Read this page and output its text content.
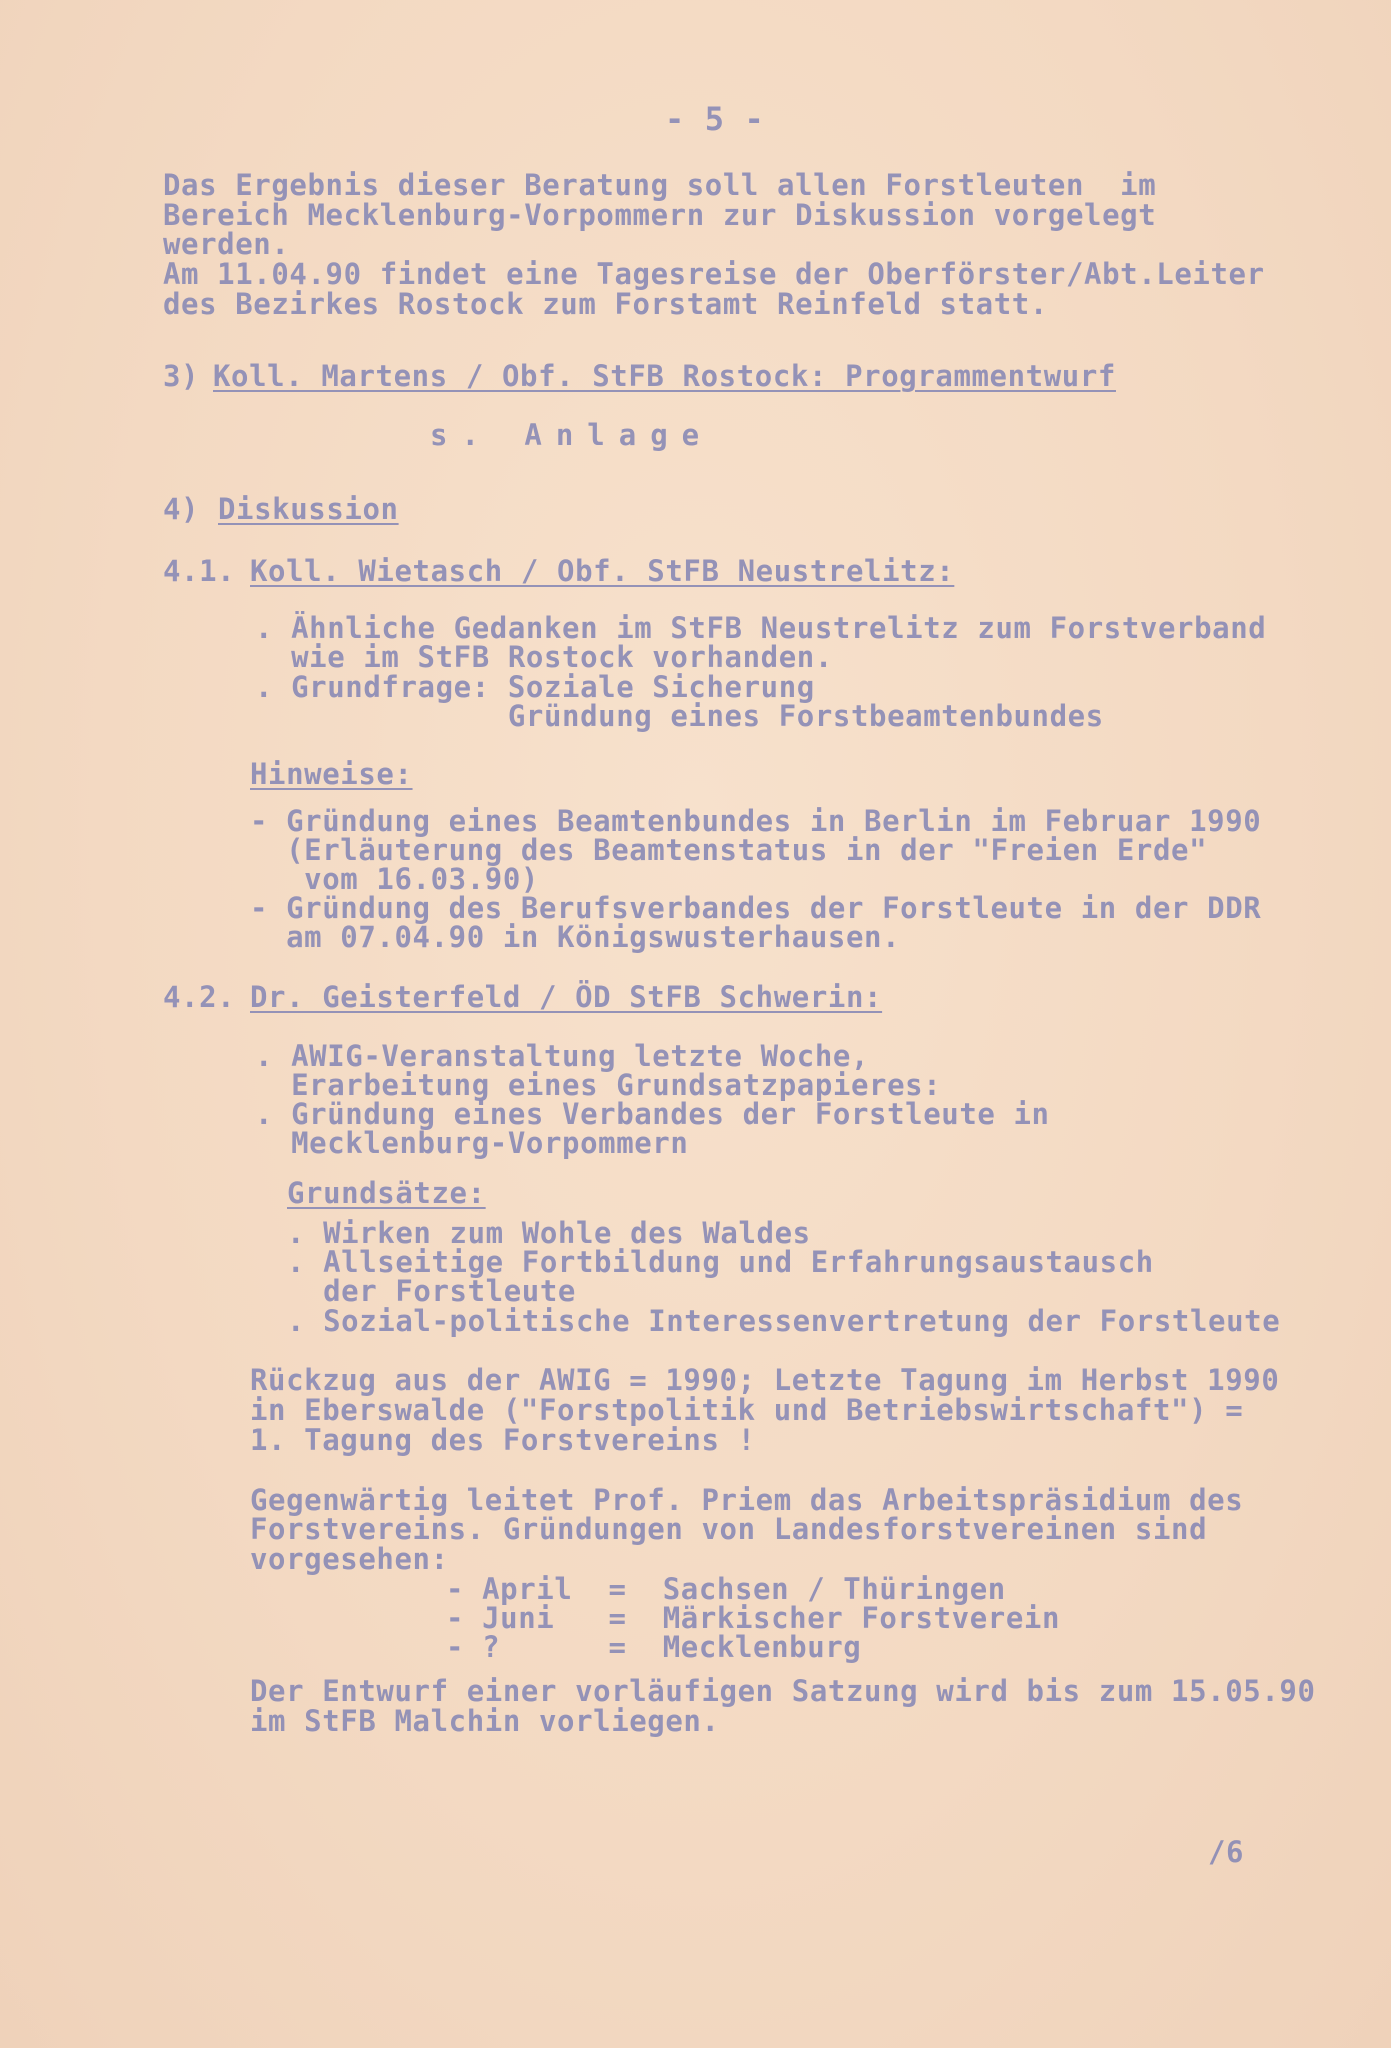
- 5 -
Das Ergebnis dieser Beratung soll allen Forstleuten  im
Bereich Mecklenburg-Vorpommern zur Diskussion vorgelegt
werden.
Am 11.04.90 findet eine Tagesreise der Oberförster/Abt.Leiter
des Bezirkes Rostock zum Forstamt Reinfeld statt.
3) Koll. Martens / Obf. StFB Rostock: Programmentwurf
s. Anlage
4) Diskussion
4.1. Koll. Wietasch / Obf. StFB Neustrelitz:
. Ähnliche Gedanken im StFB Neustrelitz zum Forstverband
wie im StFB Rostock vorhanden.
. Grundfrage: Soziale Sicherung
Gründung eines Forstbeamtenbundes
Hinweise:
- Gründung eines Beamtenbundes in Berlin im Februar 1990
(Erläuterung des Beamtenstatus in der "Freien Erde"
vom 16.03.90)
- Gründung des Berufsverbandes der Forstleute in der DDR
am 07.04.90 in Königswusterhausen.
4.2. Dr. Geisterfeld / ÖD StFB Schwerin:
. AWIG-Veranstaltung letzte Woche,
Erarbeitung eines Grundsatzpapieres:
. Gründung eines Verbandes der Forstleute in
Mecklenburg-Vorpommern
Grundsätze:
. Wirken zum Wohle des Waldes
. Allseitige Fortbildung und Erfahrungsaustausch
der Forstleute
. Sozial-politische Interessenvertretung der Forstleute
Rückzug aus der AWIG = 1990; Letzte Tagung im Herbst 1990
in Eberswalde ("Forstpolitik und Betriebswirtschaft") =
1. Tagung des Forstvereins !
Gegenwärtig leitet Prof. Priem das Arbeitspräsidium des
Forstvereins. Gründungen von Landesforstvereinen sind
vorgesehen:
- April  =  Sachsen / Thüringen
- Juni   =  Märkischer Forstverein
- ?      =  Mecklenburg
Der Entwurf einer vorläufigen Satzung wird bis zum 15.05.90
im StFB Malchin vorliegen.
/6
